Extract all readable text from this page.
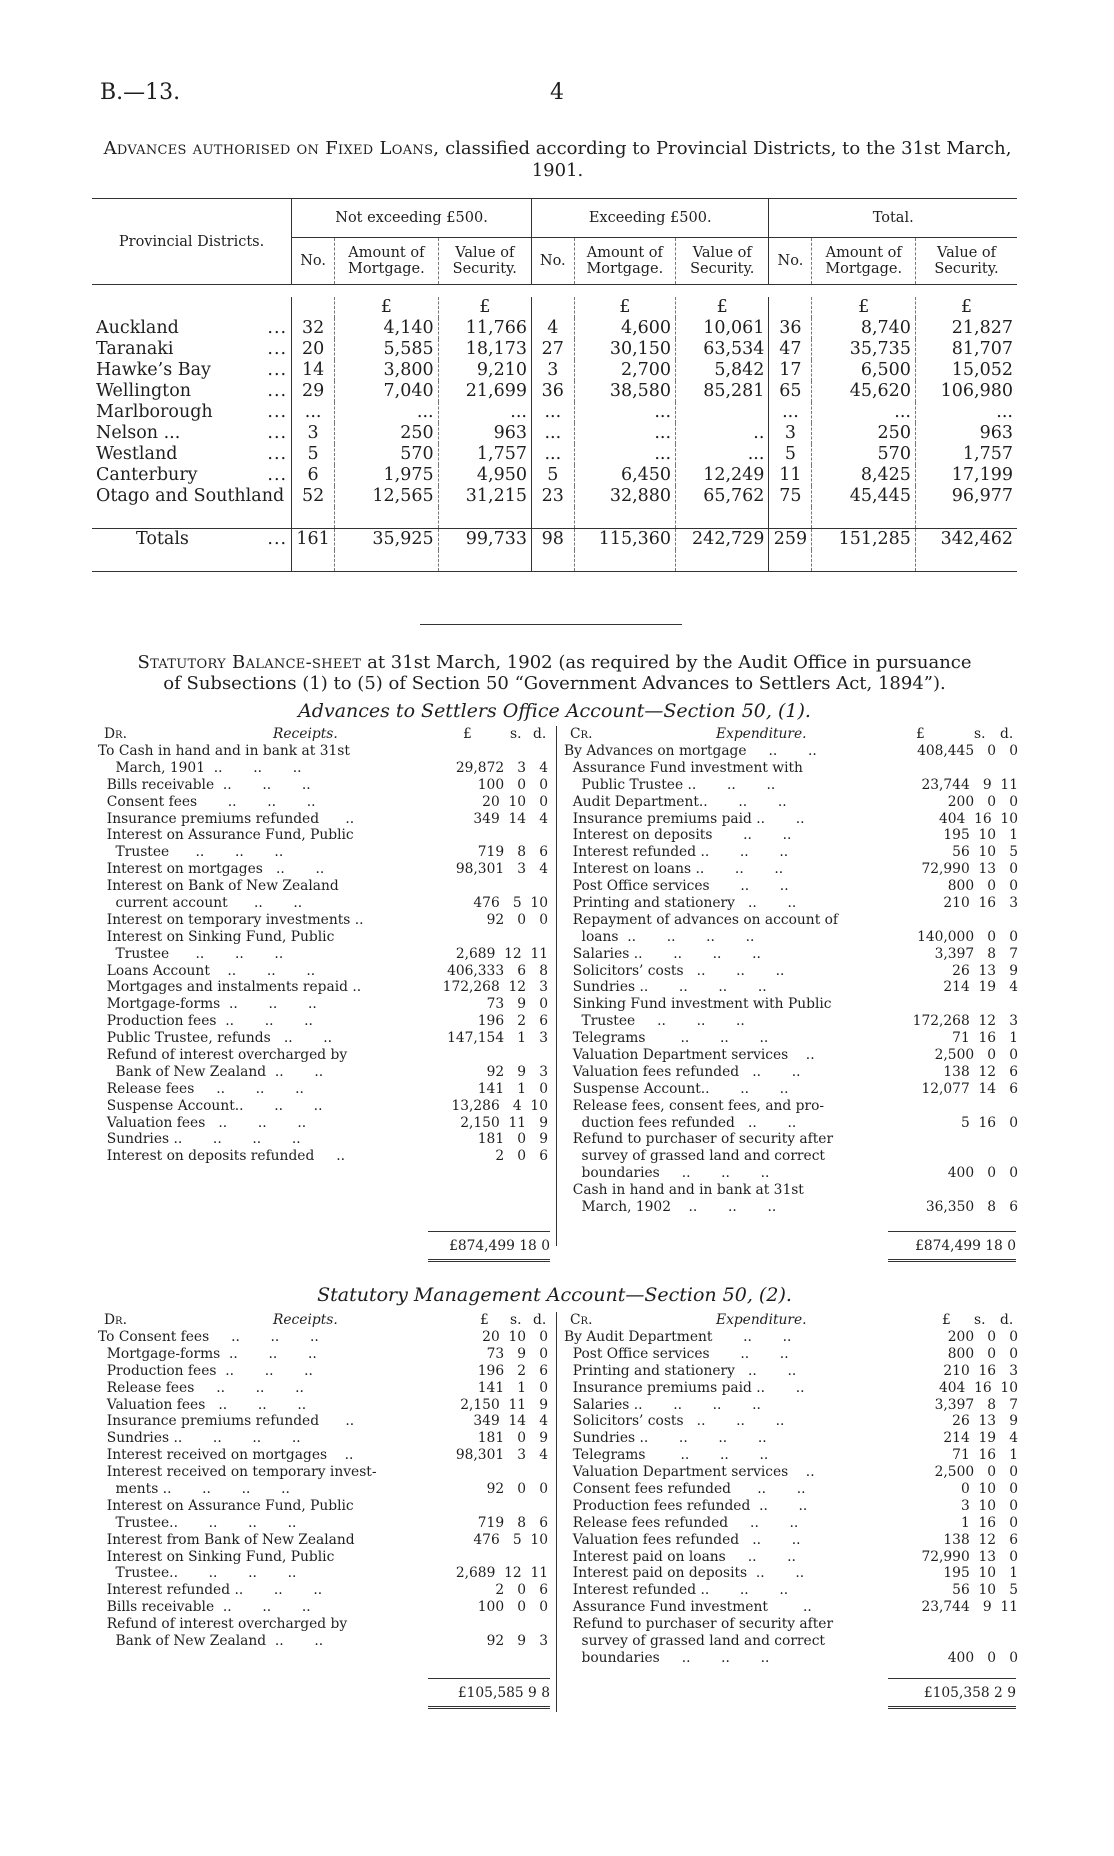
B.—13.	4
Advances authorised on Fixed Loans, classified according to Provincial Districts, to the 31st March, 1901.
Provincial Districts.	Not exceeding £500.			Exceeding £500.			Total.		
	No.	Amount of Mortgage.	Value of Security.	No.	Amount of Mortgage.	Value of Security.	No.	Amount of Mortgage.	Value of Security.

		£	£		£	£		£	£
Auckland ...	32	4,140	11,766	4	4,600	10,061	36	8,740	21,827
Taranaki ...	20	5,585	18,173	27	30,150	63,534	47	35,735	81,707
Hawke’s Bay ...	14	3,800	9,210	3	2,700	5,842	17	6,500	15,052
Wellington ...	29	7,040	21,699	36	38,580	85,281	65	45,620	106,980
Marlborough ...	...	...	...	...	...		...	...	...
Nelson ... ...	3	250	963	...	...	..	3	250	963
Westland ...	5	570	1,757	...	...	...	5	570	1,757
Canterbury ...	6	1,975	4,950	5	6,450	12,249	11	8,425	17,199
Otago and Southland	52	12,565	31,215	23	32,880	65,762	75	45,445	96,977

Totals ...	161	35,925	99,733	98	115,360	242,729	259	151,285	342,462

Statutory Balance-sheet at 31st March, 1902 (as required by the Audit Office in pursuance
of Subsections (1) to (5) of Section 50 “Government Advances to Settlers Act, 1894”).
Advances to Settlers Office Account—Section 50, (1).
Dr.	Receipts.	£	s. d.
To Cash in hand and in bank at 31st
March, 1901  ..       ..       ..	29,872   3   4
Bills receivable  ..       ..       ..	100   0   0
Consent fees       ..       ..       ..	20  10   0
Insurance premiums refunded      ..	349  14   4
Interest on Assurance Fund, Public
Trustee      ..       ..       ..	719   8   6
Interest on mortgages   ..       ..	98,301   3   4
Interest on Bank of New Zealand
current account      ..       ..	476   5  10
Interest on temporary investments ..	92   0   0
Interest on Sinking Fund, Public
Trustee      ..       ..       ..	2,689  12  11
Loans Account    ..       ..       ..	406,333   6   8
Mortgages and instalments repaid ..	172,268  12   3
Mortgage-forms  ..       ..       ..	73   9   0
Production fees  ..       ..       ..	196   2   6
Public Trustee, refunds   ..       ..	147,154   1   3
Refund of interest overcharged by
Bank of New Zealand  ..       ..	92   9   3
Release fees     ..       ..       ..	141   1   0
Suspense Account..       ..       ..	13,286   4  10
Valuation fees   ..       ..       ..	2,150  11   9
Sundries ..       ..       ..       ..	181   0   9
Interest on deposits refunded     ..	2   0   6
Cr.	Expenditure.	£	s. d.
By Advances on mortgage     ..       ..	408,445   0   0
Assurance Fund investment with
Public Trustee ..       ..       ..	23,744   9  11
Audit Department..       ..       ..	200   0   0
Insurance premiums paid ..       ..	404  16  10
Interest on deposits       ..       ..	195  10   1
Interest refunded ..       ..       ..	56  10   5
Interest on loans ..       ..       ..	72,990  13   0
Post Office services       ..       ..	800   0   0
Printing and stationery   ..       ..	210  16   3
Repayment of advances on account of
loans  ..       ..       ..       ..	140,000   0   0
Salaries ..       ..       ..       ..	3,397   8   7
Solicitors’ costs   ..       ..       ..	26  13   9
Sundries ..       ..       ..       ..	214  19   4
Sinking Fund investment with Public
Trustee     ..       ..       ..	172,268  12   3
Telegrams        ..       ..       ..	71  16   1
Valuation Department services    ..	2,500   0   0
Valuation fees refunded   ..       ..	138  12   6
Suspense Account..       ..       ..	12,077  14   6
Release fees, consent fees, and pro-
duction fees refunded   ..       ..	5  16   0
Refund to purchaser of security after
survey of grassed land and correct
boundaries     ..       ..       ..	400   0   0
Cash in hand and in bank at 31st
March, 1902    ..       ..       ..	36,350   8   6
£874,499 18 0	£874,499 18 0
Statutory Management Account—Section 50, (2).
Dr.	Receipts.	£ s. d.
To Consent fees     ..       ..       ..	20  10   0
Mortgage-forms  ..       ..       ..	73   9   0
Production fees  ..       ..       ..	196   2   6
Release fees     ..       ..       ..	141   1   0
Valuation fees   ..       ..       ..	2,150  11   9
Insurance premiums refunded      ..	349  14   4
Sundries ..       ..       ..       ..	181   0   9
Interest received on mortgages    ..	98,301   3   4
Interest received on temporary invest-
ments ..       ..       ..       ..	92   0   0
Interest on Assurance Fund, Public
Trustee..       ..       ..       ..	719   8   6
Interest from Bank of New Zealand	476   5  10
Interest on Sinking Fund, Public
Trustee..       ..       ..       ..	2,689  12  11
Interest refunded ..       ..       ..	2   0   6
Bills receivable  ..       ..       ..	100   0   0
Refund of interest overcharged by
Bank of New Zealand  ..       ..	92   9   3
Cr.	Expenditure.	£ s. d.
By Audit Department       ..       ..	200   0   0
Post Office services       ..       ..	800   0   0
Printing and stationery   ..       ..	210  16   3
Insurance premiums paid ..       ..	404  16  10
Salaries ..       ..       ..       ..	3,397   8   7
Solicitors’ costs   ..       ..       ..	26  13   9
Sundries ..       ..       ..       ..	214  19   4
Telegrams        ..       ..       ..	71  16   1
Valuation Department services    ..	2,500   0   0
Consent fees refunded      ..       ..	0  10   0
Production fees refunded  ..       ..	3  10   0
Release fees refunded     ..       ..	1  16   0
Valuation fees refunded   ..       ..	138  12   6
Interest paid on loans     ..       ..	72,990  13   0
Interest paid on deposits  ..       ..	195  10   1
Interest refunded ..       ..       ..	56  10   5
Assurance Fund investment        ..	23,744   9  11
Refund to purchaser of security after
survey of grassed land and correct
boundaries     ..       ..       ..	400   0   0
£105,585 9 8	£105,358 2 9
